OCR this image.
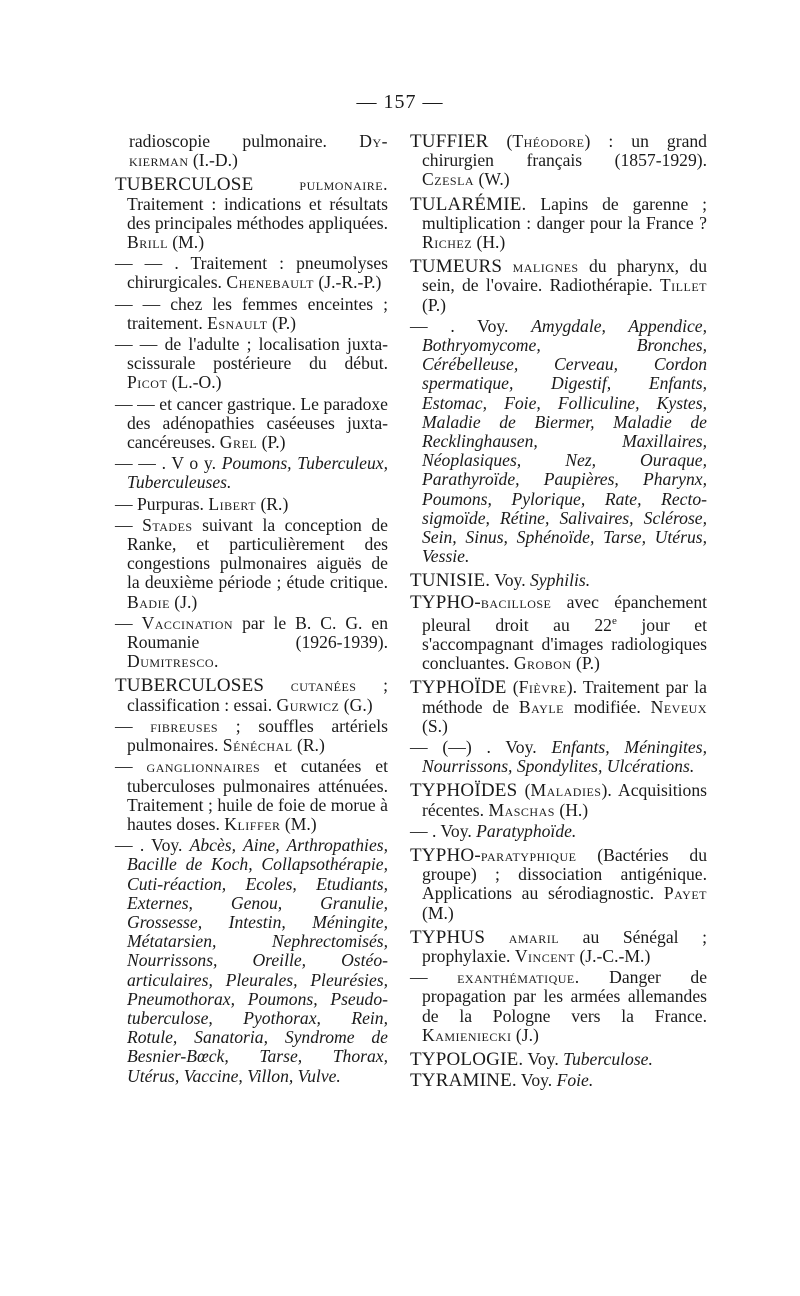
— 157 —

radioscopie pulmonaire. Dy-kierman (I.-D.)

TUBERCULOSE	pulmonaire. Traitement : indications et résultats des principales méthodes appliquées. Brill (M.)

— — . Traitement : pneumolyses chirurgicales. Chenebault (J.-R.-P.)

— — chez les femmes enceintes ; traitement. Esnault (P.)

— — de l'adulte ; localisation juxta-scissurale postérieure du début. Picot (L.-O.)

— — et cancer gastrique. Le paradoxe des adénopathies caséeuses juxta-cancéreuses. Grel (P.)

— — . V o y. Poumons, Tuberculeux, Tuberculeuses.

— Purpuras. Libert (R.)

— Stades suivant la conception de Ranke, et particulièrement des congestions pulmonaires aiguës de la deuxième période ; étude critique. Badie (J.)

— Vaccination par le B. C. G. en Roumanie (1926-1939). Dumitresco.

TUBERCULOSES cutanées ; classification : essai. Gurwicz (G.)

— fibreuses ; souffles artériels pulmonaires. Sénéchal (R.)

— ganglionnaires et cutanées et tuberculoses pulmonaires atténuées. Traitement ; huile de foie de morue à hautes doses. Kliffer (M.)

— . Voy. Abcès, Aine, Arthropathies, Bacille de Koch, Collapsothérapie, Cuti-réaction, Ecoles, Etudiants, Externes, Genou, Granulie, Grossesse, Intestin, Méningite, Métatarsien, Nephrectomisés, Nourrissons, Oreille, Ostéo-articulaires, Pleurales, Pleurésies, Pneumothorax, Poumons, Pseudo-tuberculose, Pyothorax, Rein, Rotule, Sanatoria, Syndrome de Besnier-Bœck, Tarse, Thorax, Utérus, Vaccine, Villon, Vulve.

TUFFIER (Théodore) : un grand chirurgien français (1857-1929). Czesla (W.)

TULARÉMIE. Lapins de garenne ; multiplication : danger pour la France ? Richez (H.)

TUMEURS malignes du pharynx, du sein, de l'ovaire. Radiothérapie. Tillet (P.)

— . Voy. Amygdale, Appendice, Bothryomycome, Bronches, Cérébelleuse, Cerveau, Cordon spermatique, Digestif, Enfants, Estomac, Foie, Folliculine, Kystes, Maladie de Biermer, Maladie de Recklinghausen, Maxillaires, Néoplasiques, Nez, Ouraque, Parathyroïde, Paupières, Pharynx, Poumons, Pylorique, Rate, Recto-sigmoïde, Rétine, Salivaires, Sclérose, Sein, Sinus, Sphénoïde, Tarse, Utérus, Vessie.

TUNISIE. Voy. Syphilis.

TYPHO-bacillose avec épanchement pleural droit au 22e jour et s'accompagnant d'images radiologiques concluantes. Grobon (P.)

TYPHOÏDE (Fièvre). Traitement par la méthode de Bayle modifiée. Neveux (S.)

— (—) . Voy. Enfants, Méningites, Nourrissons, Spondylites, Ulcérations.

TYPHOÏDES (Maladies). Acquisitions récentes. Maschas (H.)

— . Voy. Paratyphoïde.

TYPHO-paratyphique (Bactéries du groupe) ; dissociation antigénique. Applications au sérodiagnostic. Payet (M.)

TYPHUS amaril au Sénégal ; prophylaxie. Vincent (J.-C.-M.)

— exanthématique. Danger de propagation par les armées allemandes de la Pologne vers la France. Kamieniecki (J.)

TYPOLOGIE. Voy. Tuberculose.

TYRAMINE. Voy. Foie.
